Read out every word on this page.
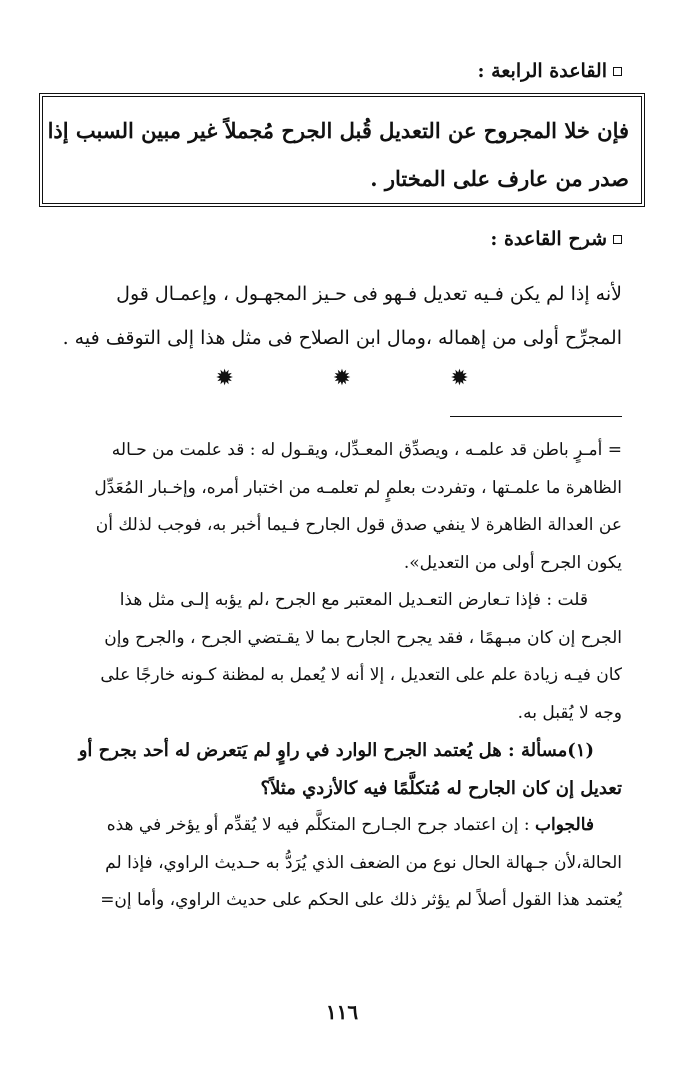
القاعدة الرابعة :
فإن خلا المجروح عن التعديل قُبل الجرح مُجملاً غير مبين السبب إذا
صدر من عارف على المختار .
شرح القاعدة :
لأنه إذا لم يكن فـيه تعديل فـهو فى حـيز المجهـول ، وإعمـال قول
المجرِّح أولى من إهماله ،ومال ابن الصلاح فى مثل هذا إلى التوقف فيه .
✹ ✹ ✹
= أمـرٍ باطن قد علمـه ، ويصدِّق المعـدِّل، ويقـول له : قد علمت من حـاله
الظاهرة ما علمـتها ، وتفردت بعلمٍ لم تعلمـه من اختبار أمره، وإخـبار المُعَدِّل
عن العدالة الظاهرة لا ينفي صدق قول الجارح فـيما أخبر به، فوجب لذلك أن
يكون الجرح أولى من التعديل».
قلت : فإذا تـعارض التعـديل المعتبر مع الجرح ،لم يؤبه إلـى مثل هذا
الجرح إن كان مبـهمًا ، فقد يجرح الجارح بما لا يقـتضي الجرح ، والجرح وإن
كان فيـه زيادة علم على التعديل ، إلا أنه لا يُعمل به لمظنة كـونه خارجًا على
وجه لا يُقبل به.
(١)مسألة : هل يُعتمد الجرح الوارد في راوٍ لم يَتعرض له أحد بجرح أو
تعديل إن كان الجارح له مُتكلَّمًا فيه كالأزدي مثلاً؟
فالجواب : إن اعتماد جرح الجـارح المتكلَّم فيه لا يُقدِّم أو يؤخر في هذه
الحالة،لأن جـهالة الحال نوع من الضعف الذي يُرَدُّ به حـديث الراوي، فإذا لم
يُعتمد هذا القول أصلاً لم يؤثر ذلك على الحكم على حديث الراوي، وأما إن=
١١٦
